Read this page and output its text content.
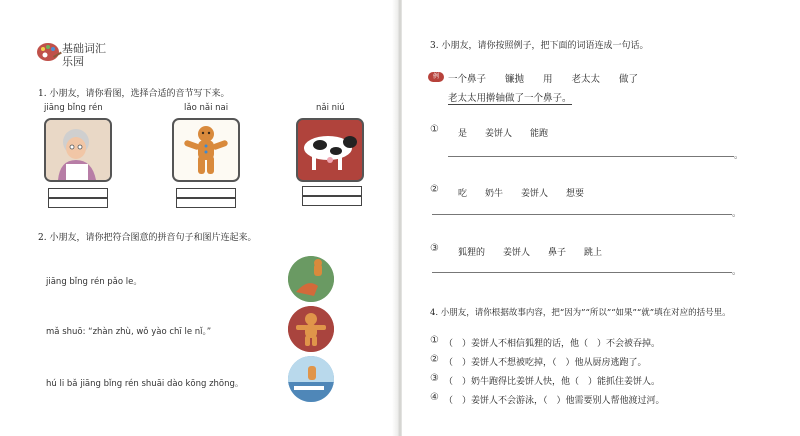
基础词汇
乐园
1. 小朋友，请你看图，选择合适的音节写下来。
jiāng bǐng rén	lǎo nǎi nai	nǎi niú
2. 小朋友，请你把符合图意的拼音句子和图片连起来。
jiāng bǐng rén pǎo le。
mǎ shuō: “zhàn zhù, wǒ yào chī le nǐ。”
hú li bǎ jiāng bǐng rén shuāi dào kōng zhōng。
3. 小朋友，请你按照例子，把下面的词语连成一句话。
例 一个鼻子　　镰抛　　用　　老太太　　做了
老太太用擀轴做了一个鼻子。
① 是　　姜饼人　　能跑
。
② 吃　　奶牛　　姜饼人　　想要
。
③ 狐狸的　　姜饼人　　鼻子　　跳上
。
4. 小朋友，请你根据故事内容，把“因为”“所以”“如果”“就”填在对应的括号里。
① （　）姜饼人不相信狐狸的话，他（　）不会被吞掉。
② （　）姜饼人不想被吃掉，（　）他从厨房逃跑了。
③ （　）奶牛跑得比姜饼人快，他（　）能抓住姜饼人。
④ （　）姜饼人不会游泳，（　）他需要别人帮他渡过河。
